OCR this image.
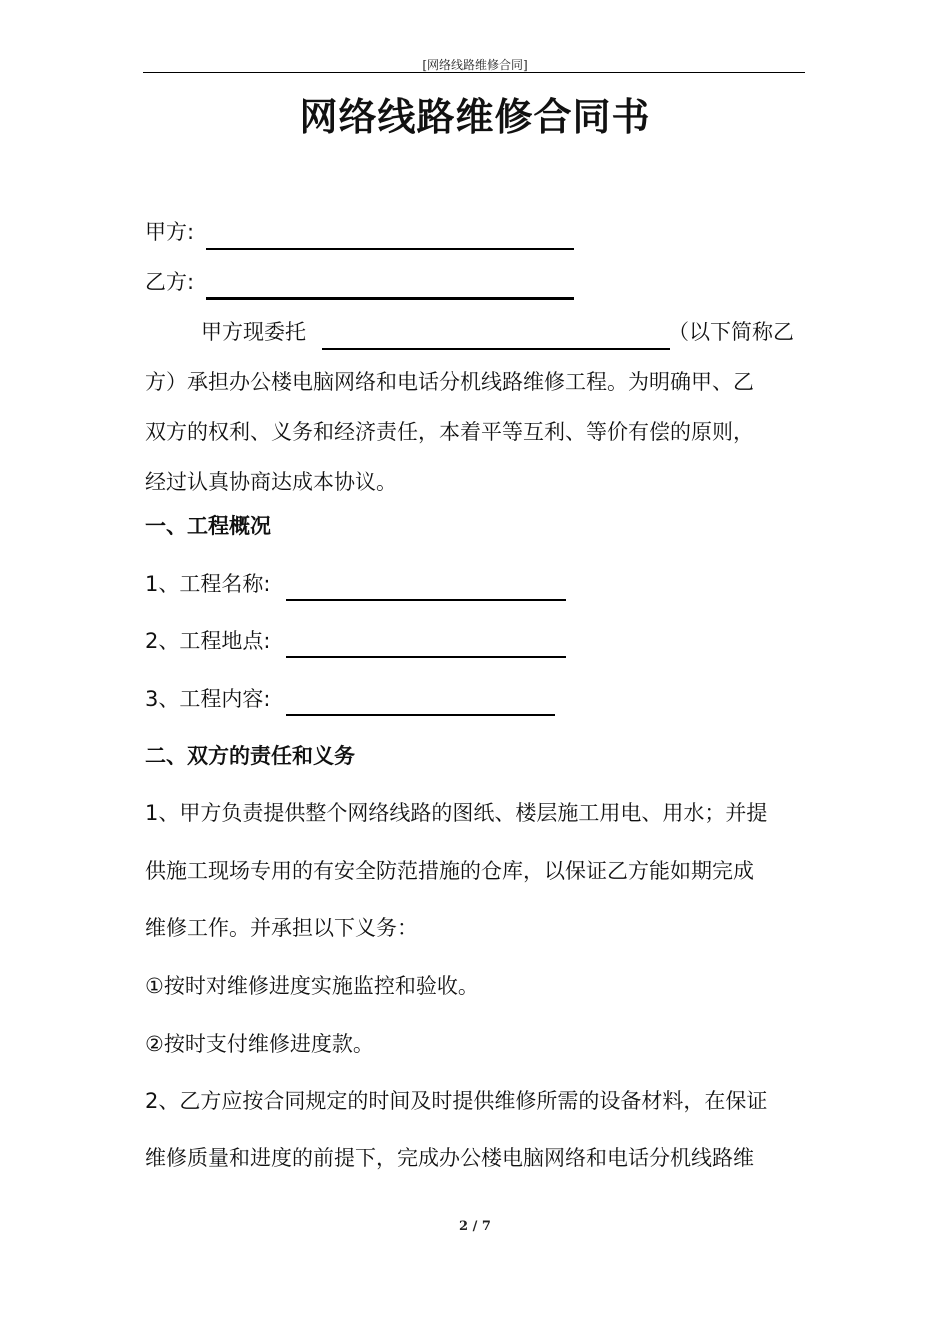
[网络线路维修合同]
网络线路维修合同书
甲方:
乙方:
甲方现委托	（以下简称乙
方）承担办公楼电脑网络和电话分机线路维修工程。为明确甲、乙
双方的权利、义务和经济责任，本着平等互利、等价有偿的原则，
经过认真协商达成本协议。
一、工程概况
1、工程名称:
2、工程地点:
3、工程内容:
二、双方的责任和义务
1、甲方负责提供整个网络线路的图纸、楼层施工用电、用水；并提
供施工现场专用的有安全防范措施的仓库，以保证乙方能如期完成
维修工作。并承担以下义务：
①按时对维修进度实施监控和验收。
②按时支付维修进度款。
2、乙方应按合同规定的时间及时提供维修所需的设备材料，在保证
维修质量和进度的前提下，完成办公楼电脑网络和电话分机线路维
2 / 7
